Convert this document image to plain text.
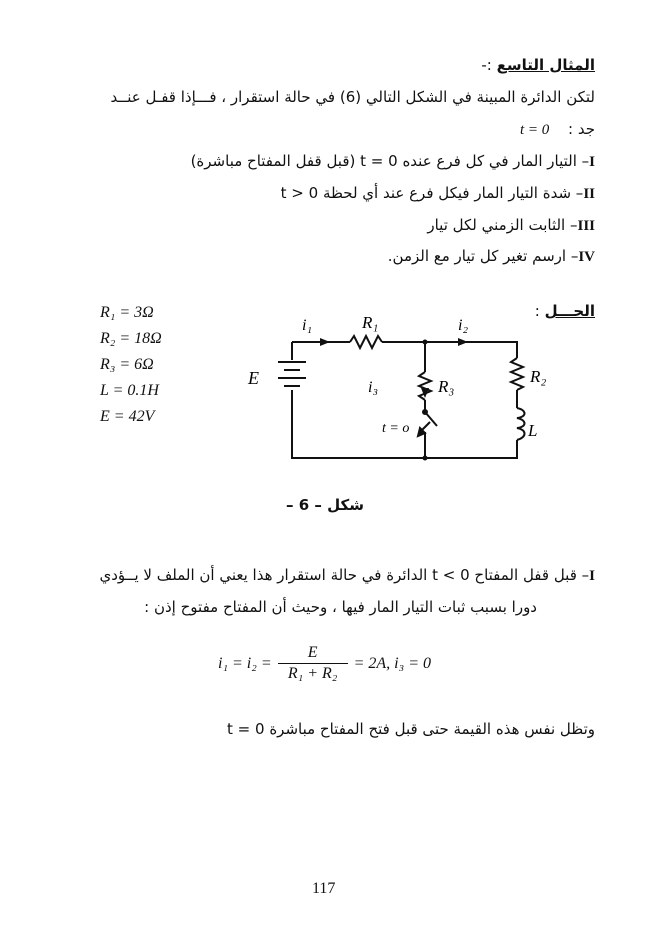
المثال التاسع :-
لتكن الدائرة المبينة في الشكل التالي (6) في حالة استقرار ، فـــإذا قفـل عنــد
جد : t = 0
I– التيار المار في كل فرع عنده t = 0 (قبل قفل المفتاح مباشرة)
II– شدة التيار المار فيكل فرع عند أي لحظة t > 0
III– الثابت الزمني لكل تيار
IV– ارسم تغير كل تيار مع الزمن.
الحـــل :
R₁ = 3Ω
R₂ = 18Ω
R₃ = 6Ω
L = 0.1H
E = 42V
i₁	R₁	i₂
E	i₃	R₃
R₂
L
t = o
شكل – 6 –
I– قبل قفل المفتاح t < 0 الدائرة في حالة استقرار هذا يعني أن الملف لا يــؤدي
دورا بسبب ثبات التيار المار فيها ، وحيث أن المفتاح مفتوح إذن :
i₁ = i₂ =
E
R₁ + R₂
= 2A, i₃ = 0
وتظل نفس هذه القيمة حتى قبل فتح المفتاح مباشرة t = 0
117
